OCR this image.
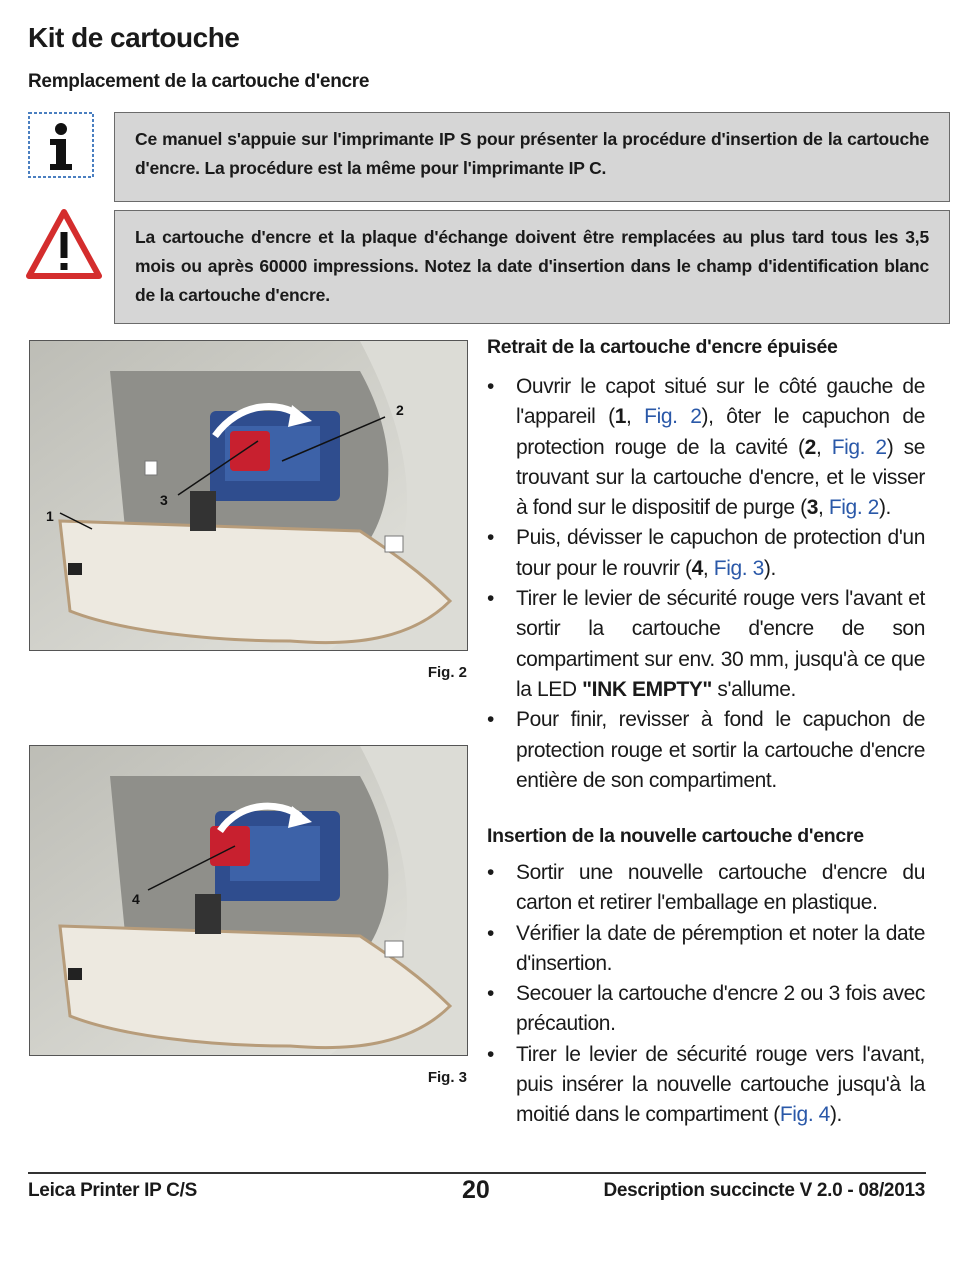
Kit de cartouche
Remplacement de la cartouche d'encre
Ce manuel s'appuie sur l'imprimante IP S pour présenter la procédure d'insertion de la cartouche d'encre. La procédure est la même pour l'imprimante IP C.
La cartouche d'encre et la plaque d'échange doivent être remplacées au plus tard tous les 3,5 mois ou après 60000 impressions. Notez la date d'insertion dans le champ d'identification blanc de la cartouche d'encre.
1
2
3
Fig. 2
4
Fig. 3
Retrait de la cartouche d'encre épuisée
• Ouvrir le capot situé sur le côté gauche de l'appareil (1, Fig. 2), ôter le capuchon de protection rouge de la cavité (2, Fig. 2) se trouvant sur la cartouche d'encre, et le visser à fond sur le dispositif de purge (3, Fig. 2).
• Puis, dévisser le capuchon de protection d'un tour pour le rouvrir (4, Fig. 3).
• Tirer le levier de sécurité rouge vers l'avant et sortir la cartouche d'encre de son compartiment sur env. 30 mm, jusqu'à ce que la LED "INK EMPTY" s'allume.
• Pour finir, revisser à fond le capuchon de protection rouge et sortir la cartouche d'encre entière de son compartiment.
Insertion de la nouvelle cartouche d'encre
• Sortir une nouvelle cartouche d'encre du carton et retirer l'emballage en plastique.
• Vérifier la date de péremption et noter la date d'insertion.
• Secouer la cartouche d'encre 2 ou 3 fois avec précaution.
• Tirer le levier de sécurité rouge vers l'avant, puis insérer la nouvelle cartouche jusqu'à la moitié dans le compartiment (Fig. 4).
Leica Printer IP C/S	20	Description succincte V 2.0 - 08/2013
